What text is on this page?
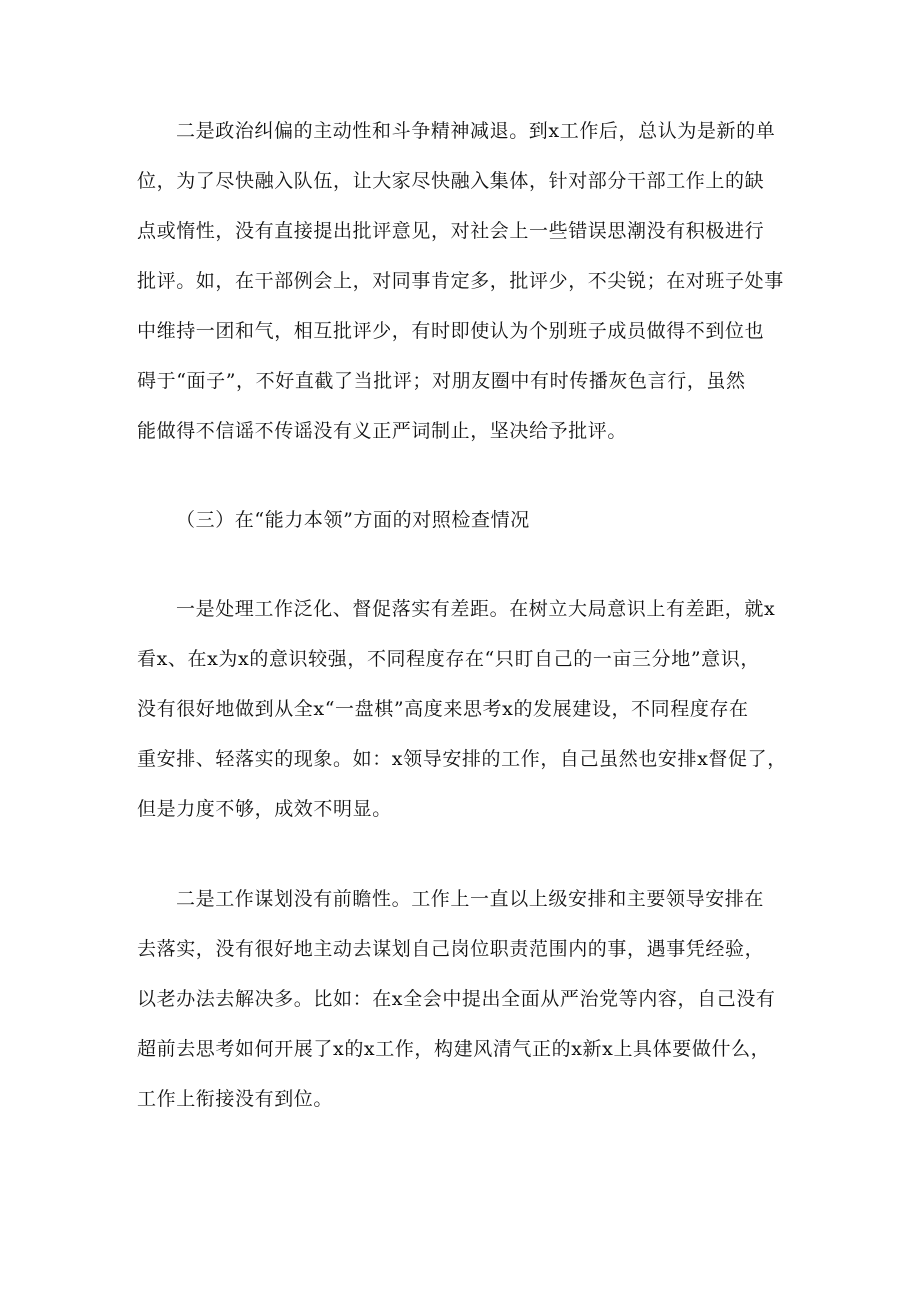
二是政治纠偏的主动性和斗争精神减退。到x工作后，总认为是新的单
位，为了尽快融入队伍，让大家尽快融入集体，针对部分干部工作上的缺
点或惰性，没有直接提出批评意见，对社会上一些错误思潮没有积极进行
批评。如，在干部例会上，对同事肯定多，批评少，不尖锐；在对班子处事
中维持一团和气，相互批评少，有时即使认为个别班子成员做得不到位也
碍于“面子”，不好直截了当批评；对朋友圈中有时传播灰色言行，虽然
能做得不信谣不传谣没有义正严词制止，坚决给予批评。
（三）在“能力本领”方面的对照检查情况
一是处理工作泛化、督促落实有差距。在树立大局意识上有差距，就x
看x、在x为x的意识较强，不同程度存在“只盯自己的一亩三分地”意识，
没有很好地做到从全x“一盘棋”高度来思考x的发展建设，不同程度存在
重安排、轻落实的现象。如：x领导安排的工作，自己虽然也安排x督促了，
但是力度不够，成效不明显。
二是工作谋划没有前瞻性。工作上一直以上级安排和主要领导安排在
去落实，没有很好地主动去谋划自己岗位职责范围内的事，遇事凭经验，
以老办法去解决多。比如：在x全会中提出全面从严治党等内容，自己没有
超前去思考如何开展了x的x工作，构建风清气正的x新x上具体要做什么，
工作上衔接没有到位。
